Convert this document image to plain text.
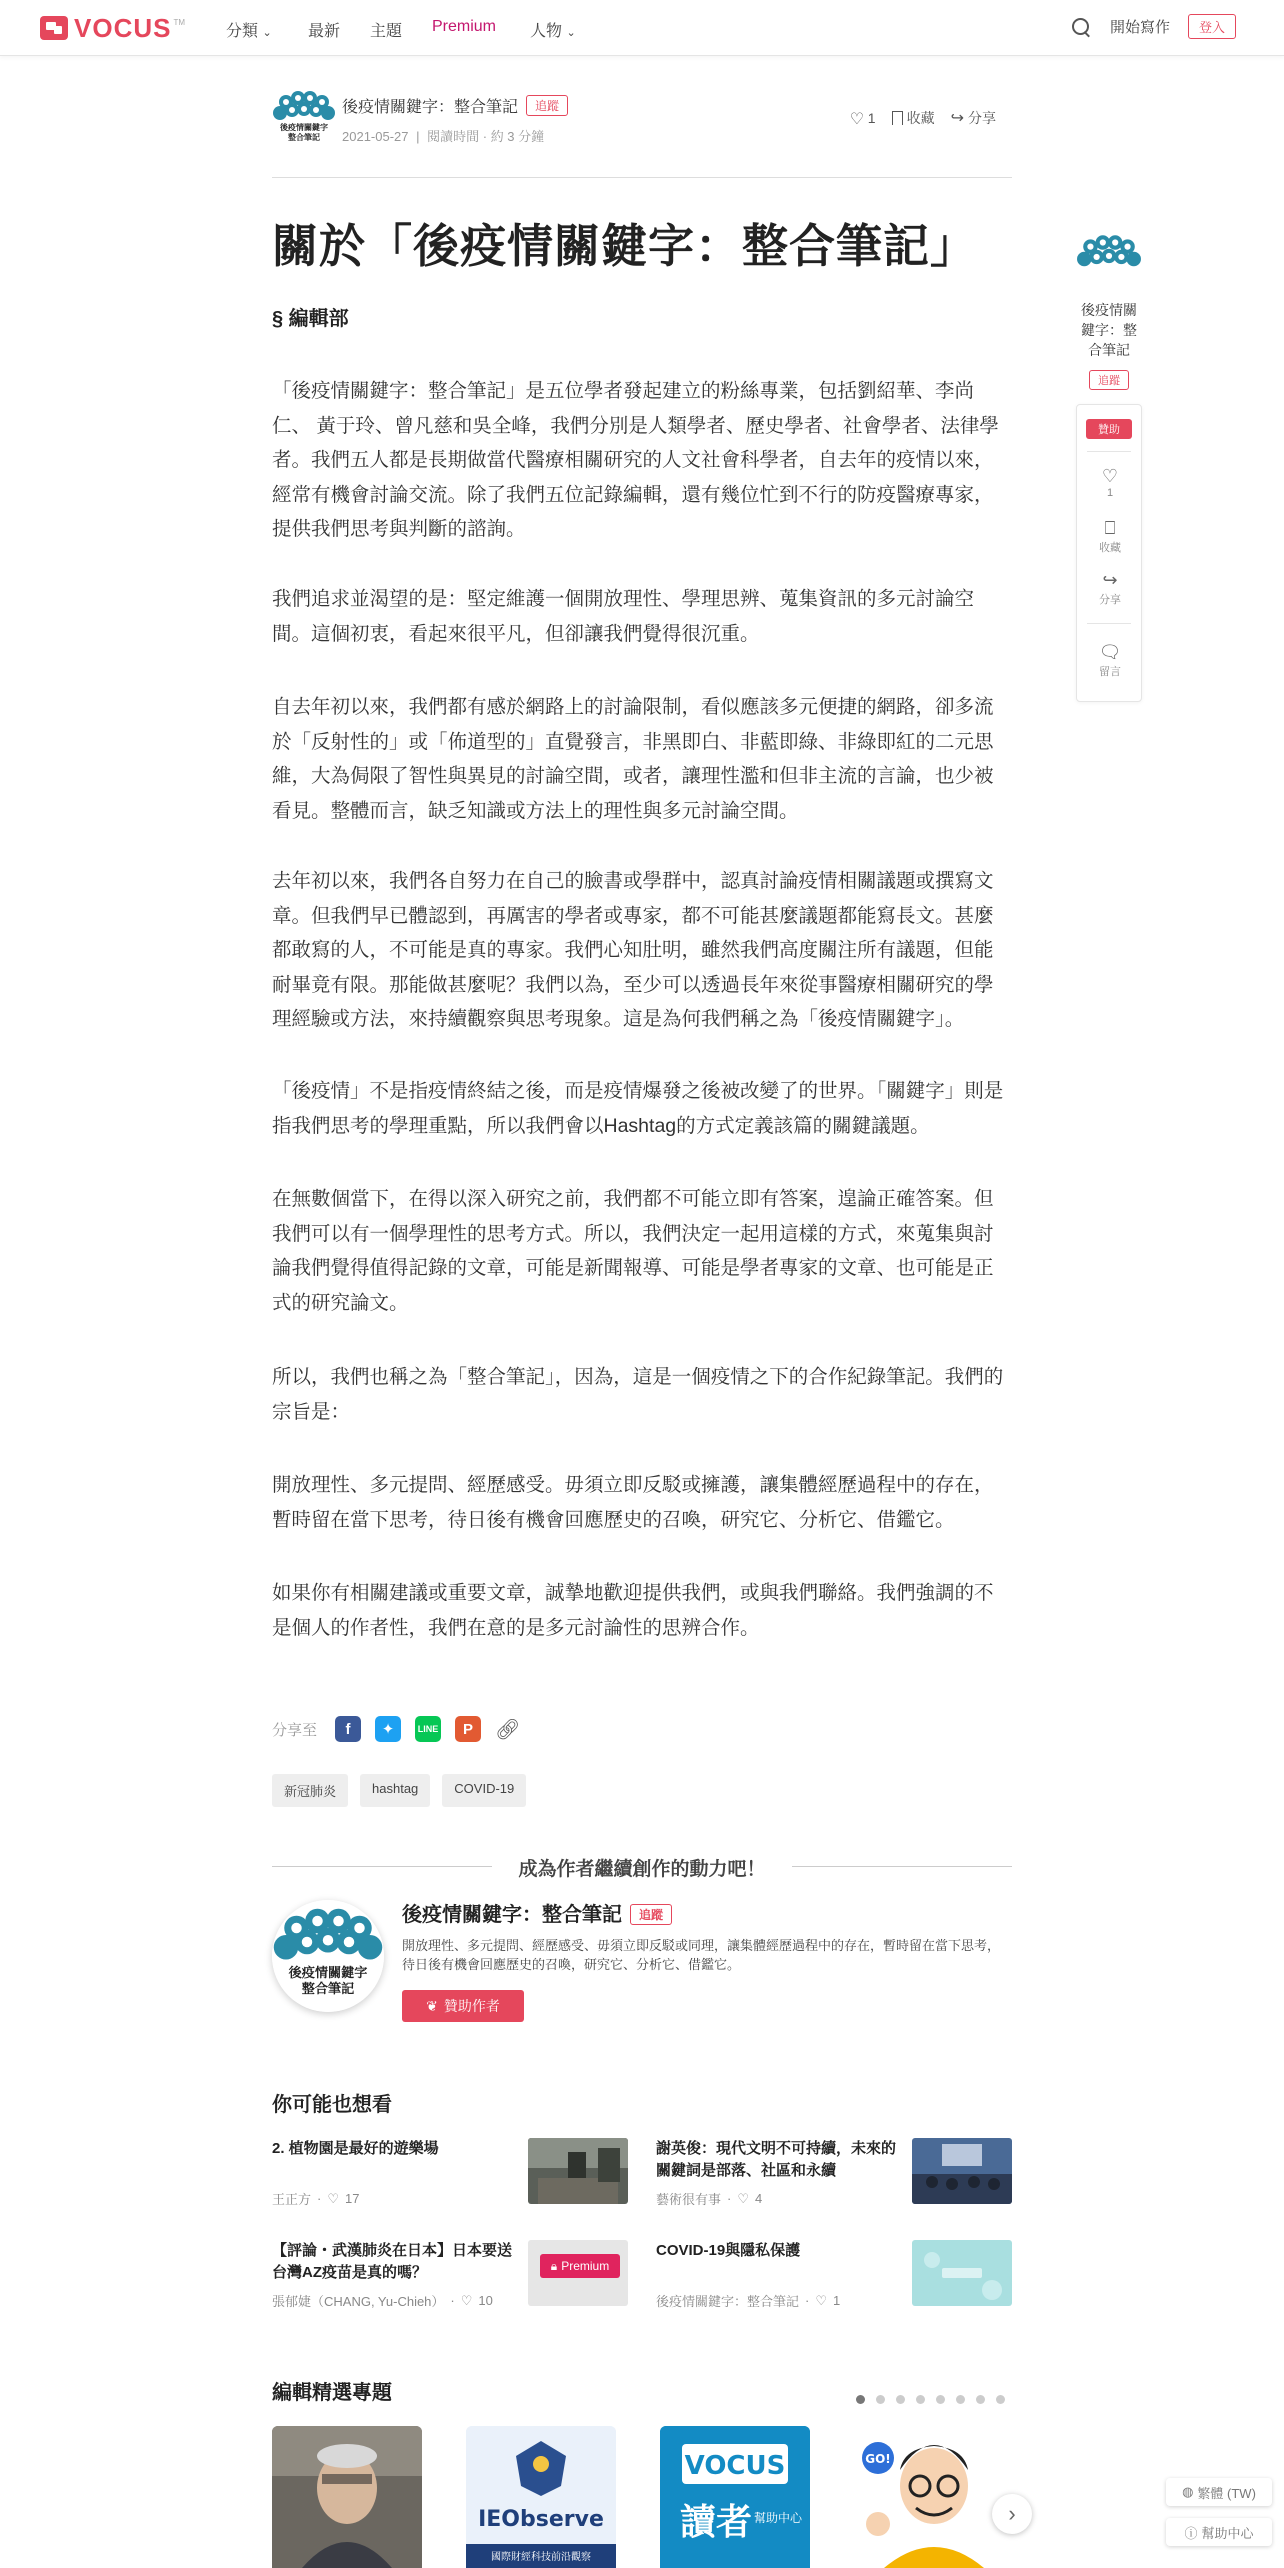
VOCUS TM
分類 ⌄ 最新 主題 Premium 人物 ⌄	開始寫作	登入
後疫情關鍵字
整合筆記
後疫情關鍵字：整合筆記 追蹤
2021-05-27 | 閱讀時間 · 約 3 分鐘
♡
1 收藏
↪ 分享
關於「後疫情關鍵字：整合筆記」
§ 編輯部

「後疫情關鍵字：整合筆記」是五位學者發起建立的粉絲專業，包括劉紹華、李尚仁、 黃于玲、曾凡慈和吳全峰，我們分別是人類學者、歷史學者、社會學者、法律學者。我們五人都是長期做當代醫療相關研究的人文社會科學者，自去年的疫情以來，經常有機會討論交流。除了我們五位記錄編輯，還有幾位忙到不行的防疫醫療專家，提供我們思考與判斷的諮詢。

我們追求並渴望的是：堅定維護一個開放理性、學理思辨、蒐集資訊的多元討論空間。這個初衷，看起來很平凡，但卻讓我們覺得很沉重。

自去年初以來，我們都有感於網路上的討論限制，看似應該多元便捷的網路，卻多流於「反射性的」或「佈道型的」直覺發言，非黑即白、非藍即綠、非綠即紅的二元思維，大為侷限了智性與異見的討論空間，或者，讓理性濫和但非主流的言論，也少被看見。整體而言，缺乏知識或方法上的理性與多元討論空間。

去年初以來，我們各自努力在自己的臉書或學群中，認真討論疫情相關議題或撰寫文章。但我們早已體認到，再厲害的學者或專家，都不可能甚麼議題都能寫長文。甚麼都敢寫的人，不可能是真的專家。我們心知肚明，雖然我們高度關注所有議題，但能耐畢竟有限。那能做甚麼呢？我們以為，至少可以透過長年來從事醫療相關研究的學理經驗或方法，來持續觀察與思考現象。這是為何我們稱之為「後疫情關鍵字」。

「後疫情」不是指疫情終結之後，而是疫情爆發之後被改變了的世界。「關鍵字」則是指我們思考的學理重點，所以我們會以Hashtag的方式定義該篇的關鍵議題。

在無數個當下，在得以深入研究之前，我們都不可能立即有答案，遑論正確答案。但我們可以有一個學理性的思考方式。所以，我們決定一起用這樣的方式，來蒐集與討論我們覺得值得記錄的文章，可能是新聞報導、可能是學者專家的文章、也可能是正式的研究論文。

所以，我們也稱之為「整合筆記」，因為，這是一個疫情之下的合作紀錄筆記。我們的宗旨是：

開放理性、多元提問、經歷感受。毋須立即反駁或擁護，讓集體經歷過程中的存在，暫時留在當下思考，待日後有機會回應歷史的召喚，研究它、分析它、借鑑它。

如果你有相關建議或重要文章，誠摯地歡迎提供我們，或與我們聯絡。我們強調的不是個人的作者性，我們在意的是多元討論性的思辨合作。

分享至	f	✦	LINE	P	🔗︎
新冠肺炎	hashtag	COVID-19
成為作者繼續創作的動力吧！
後疫情關鍵字
整合筆記
後疫情關鍵字：整合筆記 追蹤
開放理性、多元提問、經歷感受、毋須立即反駁或同理，讓集體經歷過程中的存在，暫時留在當下思考，待日後有機會回應歷史的召喚，研究它、分析它、借鑑它。
❦ 贊助作者
你可能也想看
2. 植物園是最好的遊樂場
王正方 · ♡ 17
謝英俊：現代文明不可持續，未來的關鍵詞是部落、社區和永續
藝術很有事 · ♡ 4
【評論・武漢肺炎在日本】日本要送台灣AZ疫苗是真的嗎？
張郁婕（CHANG, Yu-Chieh） · ♡ 10
🔒︎ Premium
COVID-19與隱私保護
後疫情關鍵字：整合筆記 · ♡ 1
編輯精選專題
IEObserve
國際財經科技前沿觀察
VOCUS
讀者 幫助中心
GO!
›
後疫情關鍵字：整合筆記
追蹤
贊助
♡
1
⎕
收藏
↪
分享
🗨︎
留言
◍ 繁體 (TW)
ⓘ 幫助中心
